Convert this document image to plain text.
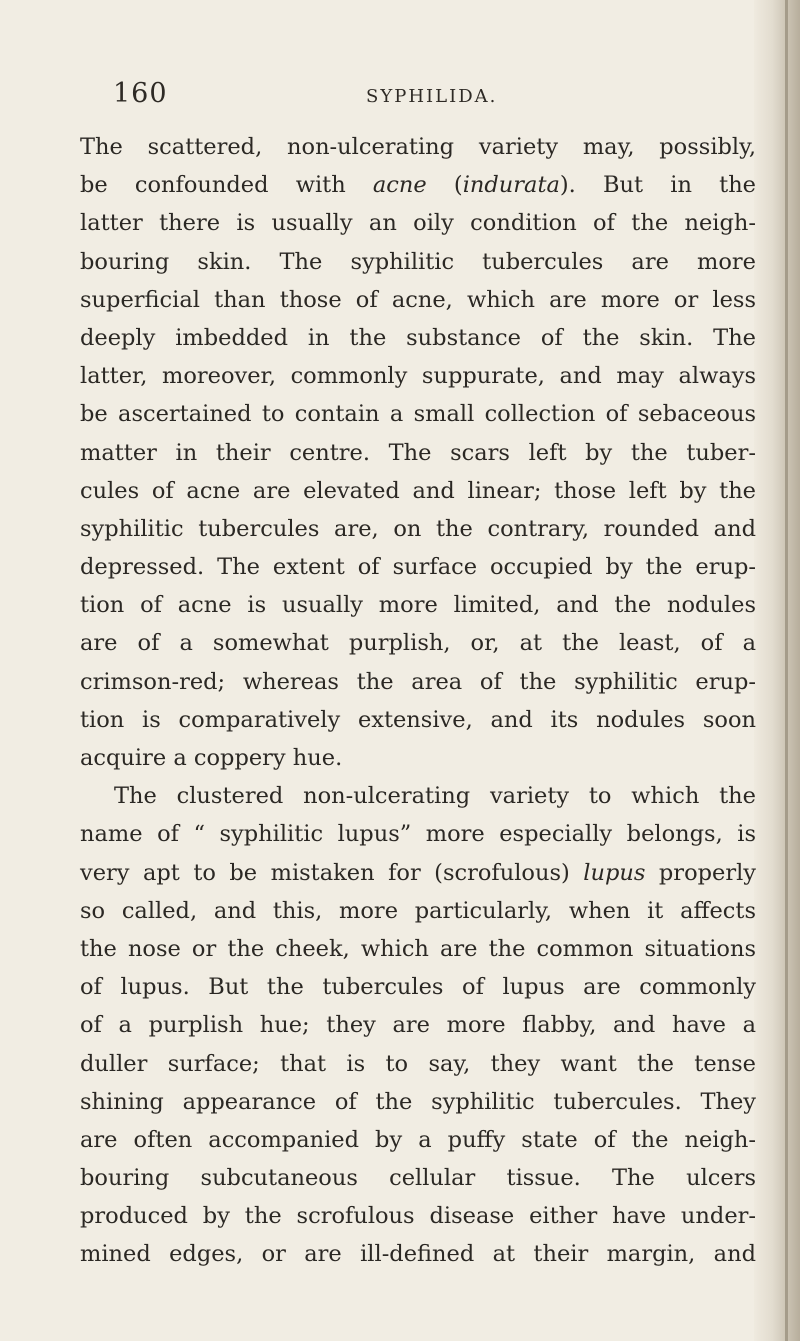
160	SYPHILIDA.
The scattered, non-ulcerating variety may, possibly,
be confounded with acne (indurata). But in the
latter there is usually an oily condition of the neigh-
bouring skin. The syphilitic tubercules are more
superficial than those of acne, which are more or less
deeply imbedded in the substance of the skin. The
latter, moreover, commonly suppurate, and may always
be ascertained to contain a small collection of sebaceous
matter in their centre. The scars left by the tuber-
cules of acne are elevated and linear; those left by the
syphilitic tubercules are, on the contrary, rounded and
depressed. The extent of surface occupied by the erup-
tion of acne is usually more limited, and the nodules
are of a somewhat purplish, or, at the least, of a
crimson-red; whereas the area of the syphilitic erup-
tion is comparatively extensive, and its nodules soon
acquire a coppery hue.
The clustered non-ulcerating variety to which the
name of “ syphilitic lupus” more especially belongs, is
very apt to be mistaken for (scrofulous) lupus properly
so called, and this, more particularly, when it affects
the nose or the cheek, which are the common situations
of lupus. But the tubercules of lupus are commonly
of a purplish hue; they are more flabby, and have a
duller surface; that is to say, they want the tense
shining appearance of the syphilitic tubercules. They
are often accompanied by a puffy state of the neigh-
bouring subcutaneous cellular tissue. The ulcers
produced by the scrofulous disease either have under-
mined edges, or are ill-defined at their margin, and
